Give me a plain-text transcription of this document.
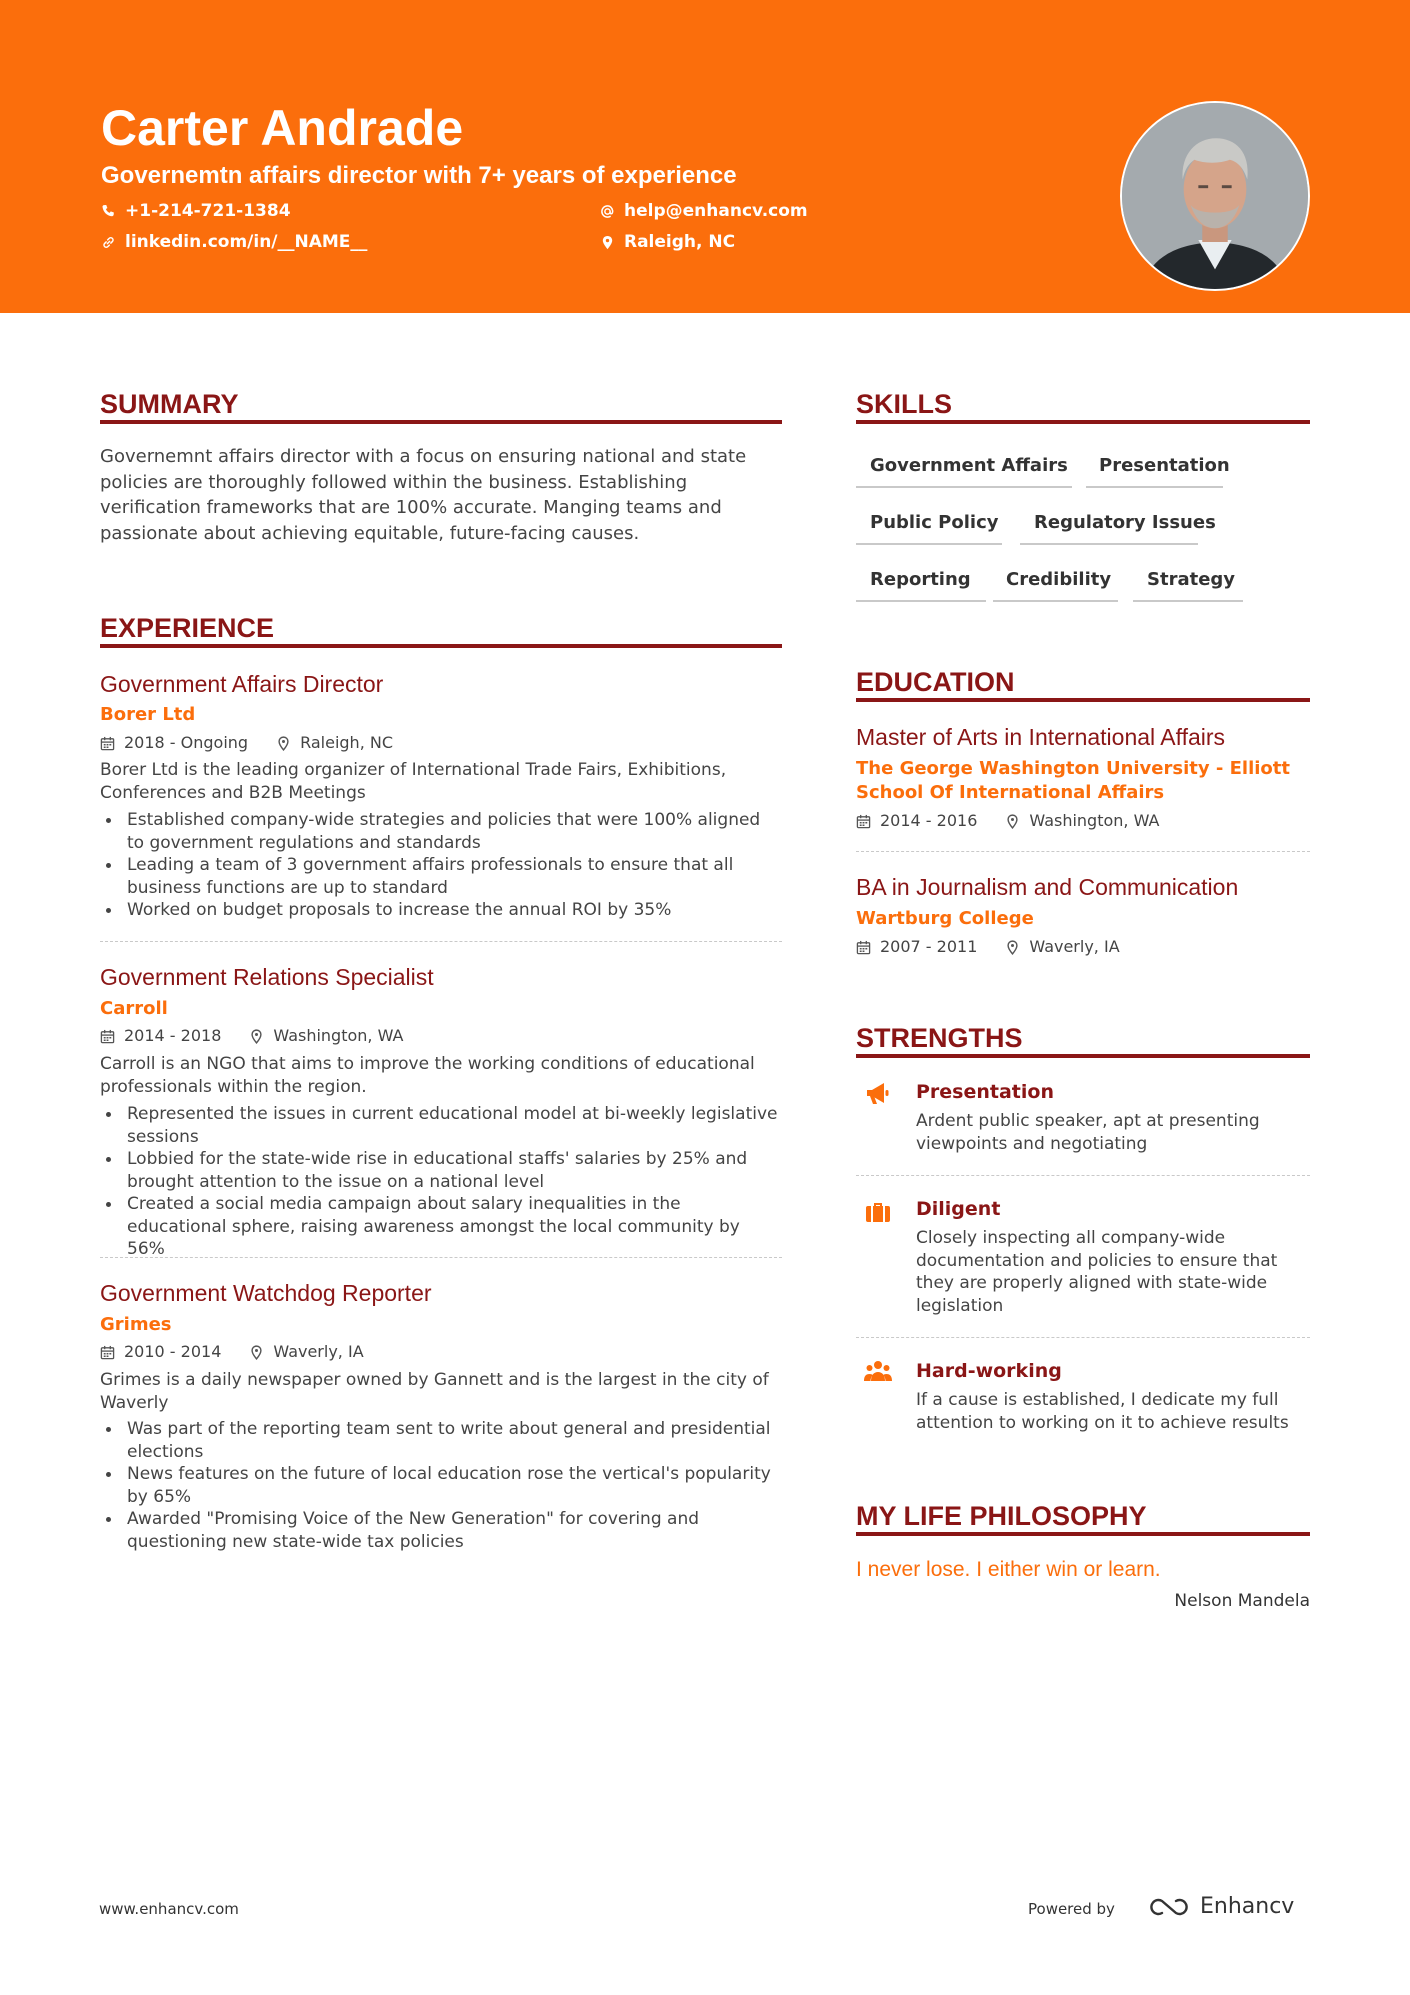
Carter Andrade
Governemtn affairs director with 7+ years of experience
+1-214-721-1384	help@enhancv.com
linkedin.com/in/__NAME__	Raleigh, NC
SUMMARY
Governemnt affairs director with a focus on ensuring national and state policies are thoroughly followed within the business. Establishing verification frameworks that are 100% accurate. Manging teams and passionate about achieving equitable, future-facing causes.
EXPERIENCE
Government Affairs Director
Borer Ltd
2018 - Ongoing	Raleigh, NC
Borer Ltd is the leading organizer of International Trade Fairs, Exhibitions, Conferences and B2B Meetings
Established company-wide strategies and policies that were 100% aligned to government regulations and standards
Leading a team of 3 government affairs professionals to ensure that all business functions are up to standard
Worked on budget proposals to increase the annual ROI by 35%
Government Relations Specialist
Carroll
2014 - 2018	Washington, WA
Carroll is an NGO that aims to improve the working conditions of educational professionals within the region.
Represented the issues in current educational model at bi-weekly legislative sessions
Lobbied for the state-wide rise in educational staffs' salaries by 25% and brought attention to the issue on a national level
Created a social media campaign about salary inequalities in the educational sphere, raising awareness amongst the local community by 56%
Government Watchdog Reporter
Grimes
2010 - 2014	Waverly, IA
Grimes is a daily newspaper owned by Gannett and is the largest in the city of Waverly
Was part of the reporting team sent to write about general and presidential elections
News features on the future of local education rose the vertical's popularity by 65%
Awarded "Promising Voice of the New Generation" for covering and questioning new state-wide tax policies
SKILLS
Government Affairs	Presentation
Public Policy	Regulatory Issues
Reporting	Credibility	Strategy
EDUCATION
Master of Arts in International Affairs
The George Washington University - Elliott School Of International Affairs
2014 - 2016	Washington, WA
BA in Journalism and Communication
Wartburg College
2007 - 2011	Waverly, IA
STRENGTHS
Presentation
Ardent public speaker, apt at presenting viewpoints and negotiating
Diligent
Closely inspecting all company-wide documentation and policies to ensure that they are properly aligned with state-wide legislation
Hard-working
If a cause is established, I dedicate my full attention to working on it to achieve results
MY LIFE PHILOSOPHY
I never lose. I either win or learn.
Nelson Mandela
www.enhancv.com	Powered by	Enhancv
